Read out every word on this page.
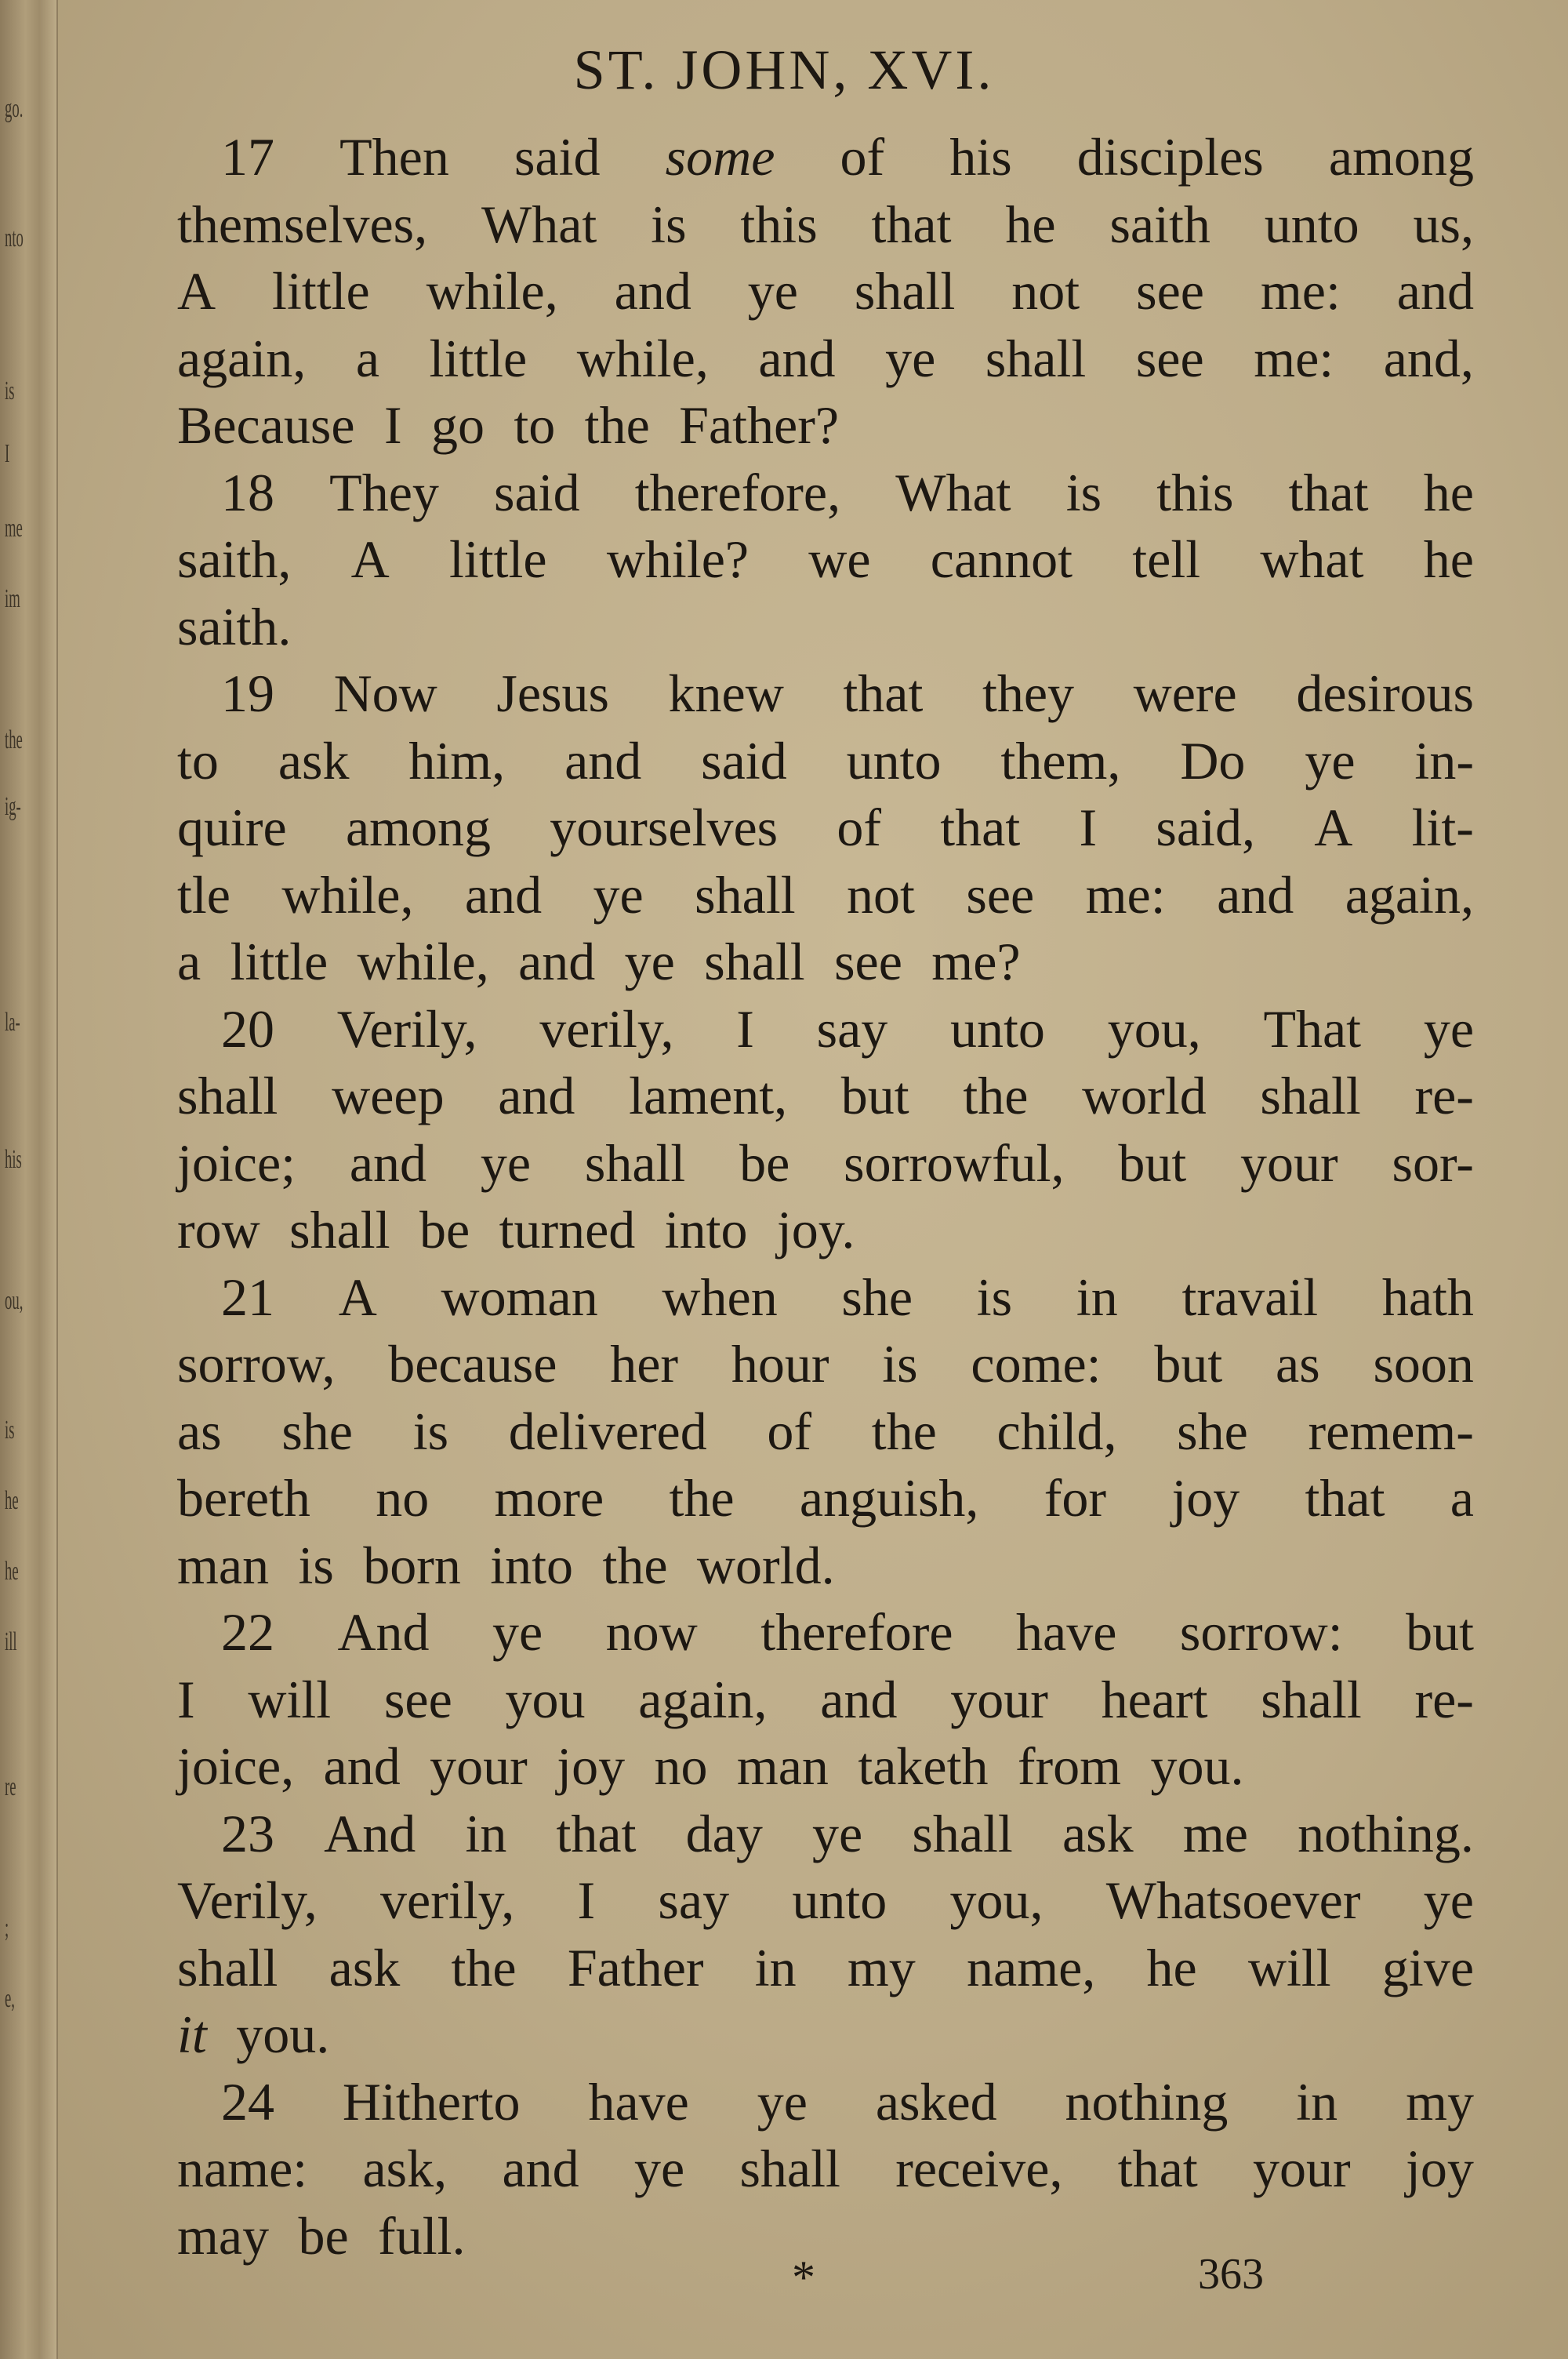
go.
nto
is
I
me
im
the
ig-
la-
his
ou,
is
he
he
ill
re
;
e,
ST. JOHN, XVI.
17 Then said some of his disciples among
themselves, What is this that he saith unto us,
A little while, and ye shall not see me: and
again, a little while, and ye shall see me: and,
Because I go to the Father?
18 They said therefore, What is this that he
saith, A little while? we cannot tell what he
saith.
19 Now Jesus knew that they were desirous
to ask him, and said unto them, Do ye in-
quire among yourselves of that I said, A lit-
tle while, and ye shall not see me: and again,
a little while, and ye shall see me?
20 Verily, verily, I say unto you, That ye
shall weep and lament, but the world shall re-
joice; and ye shall be sorrowful, but your sor-
row shall be turned into joy.
21 A woman when she is in travail hath
sorrow, because her hour is come: but as soon
as she is delivered of the child, she remem-
bereth no more the anguish, for joy that a
man is born into the world.
22 And ye now therefore have sorrow: but
I will see you again, and your heart shall re-
joice, and your joy no man taketh from you.
23 And in that day ye shall ask me nothing.
Verily, verily, I say unto you, Whatsoever ye
shall ask the Father in my name, he will give
it you.
24 Hitherto have ye asked nothing in my
name: ask, and ye shall receive, that your joy
may be full.
*	363
